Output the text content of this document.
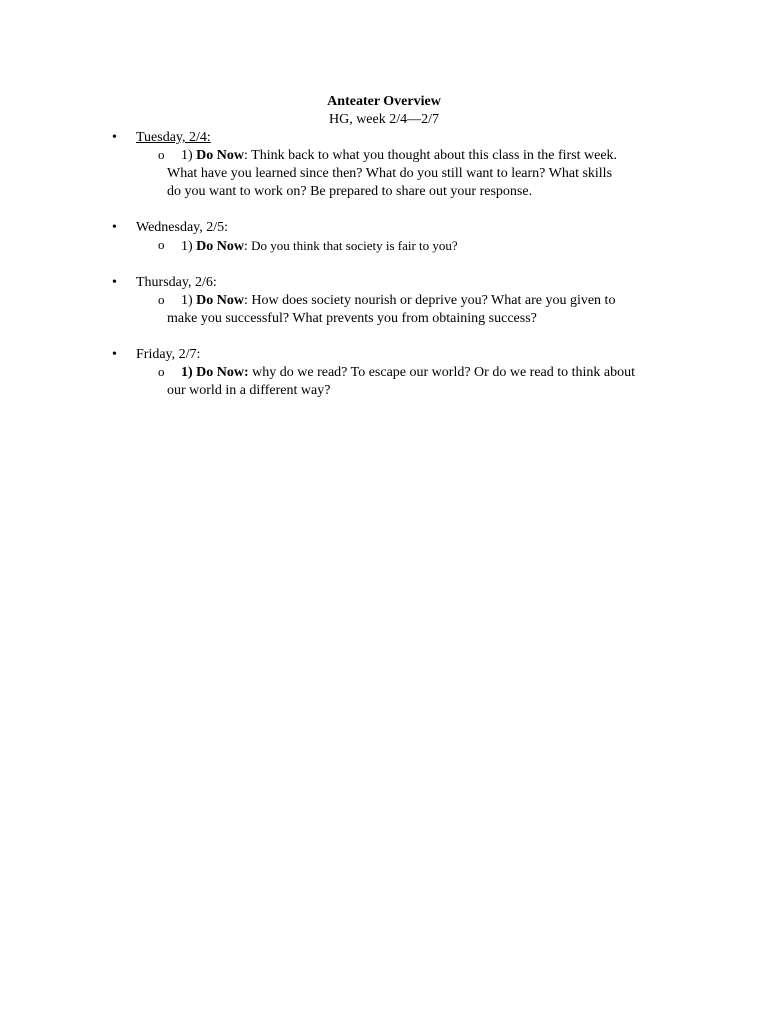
Anteater Overview
HG, week 2/4—2/7
• Tuesday, 2/4:
o 1) Do Now: Think back to what you thought about this class in the first week.
What have you learned since then? What do you still want to learn? What skills
do you want to work on? Be prepared to share out your response.
• Wednesday, 2/5:
o 1) Do Now: Do you think that society is fair to you?
• Thursday, 2/6:
o 1) Do Now: How does society nourish or deprive you? What are you given to
make you successful? What prevents you from obtaining success?
• Friday, 2/7:
o 1) Do Now: why do we read? To escape our world? Or do we read to think about
our world in a different way?
